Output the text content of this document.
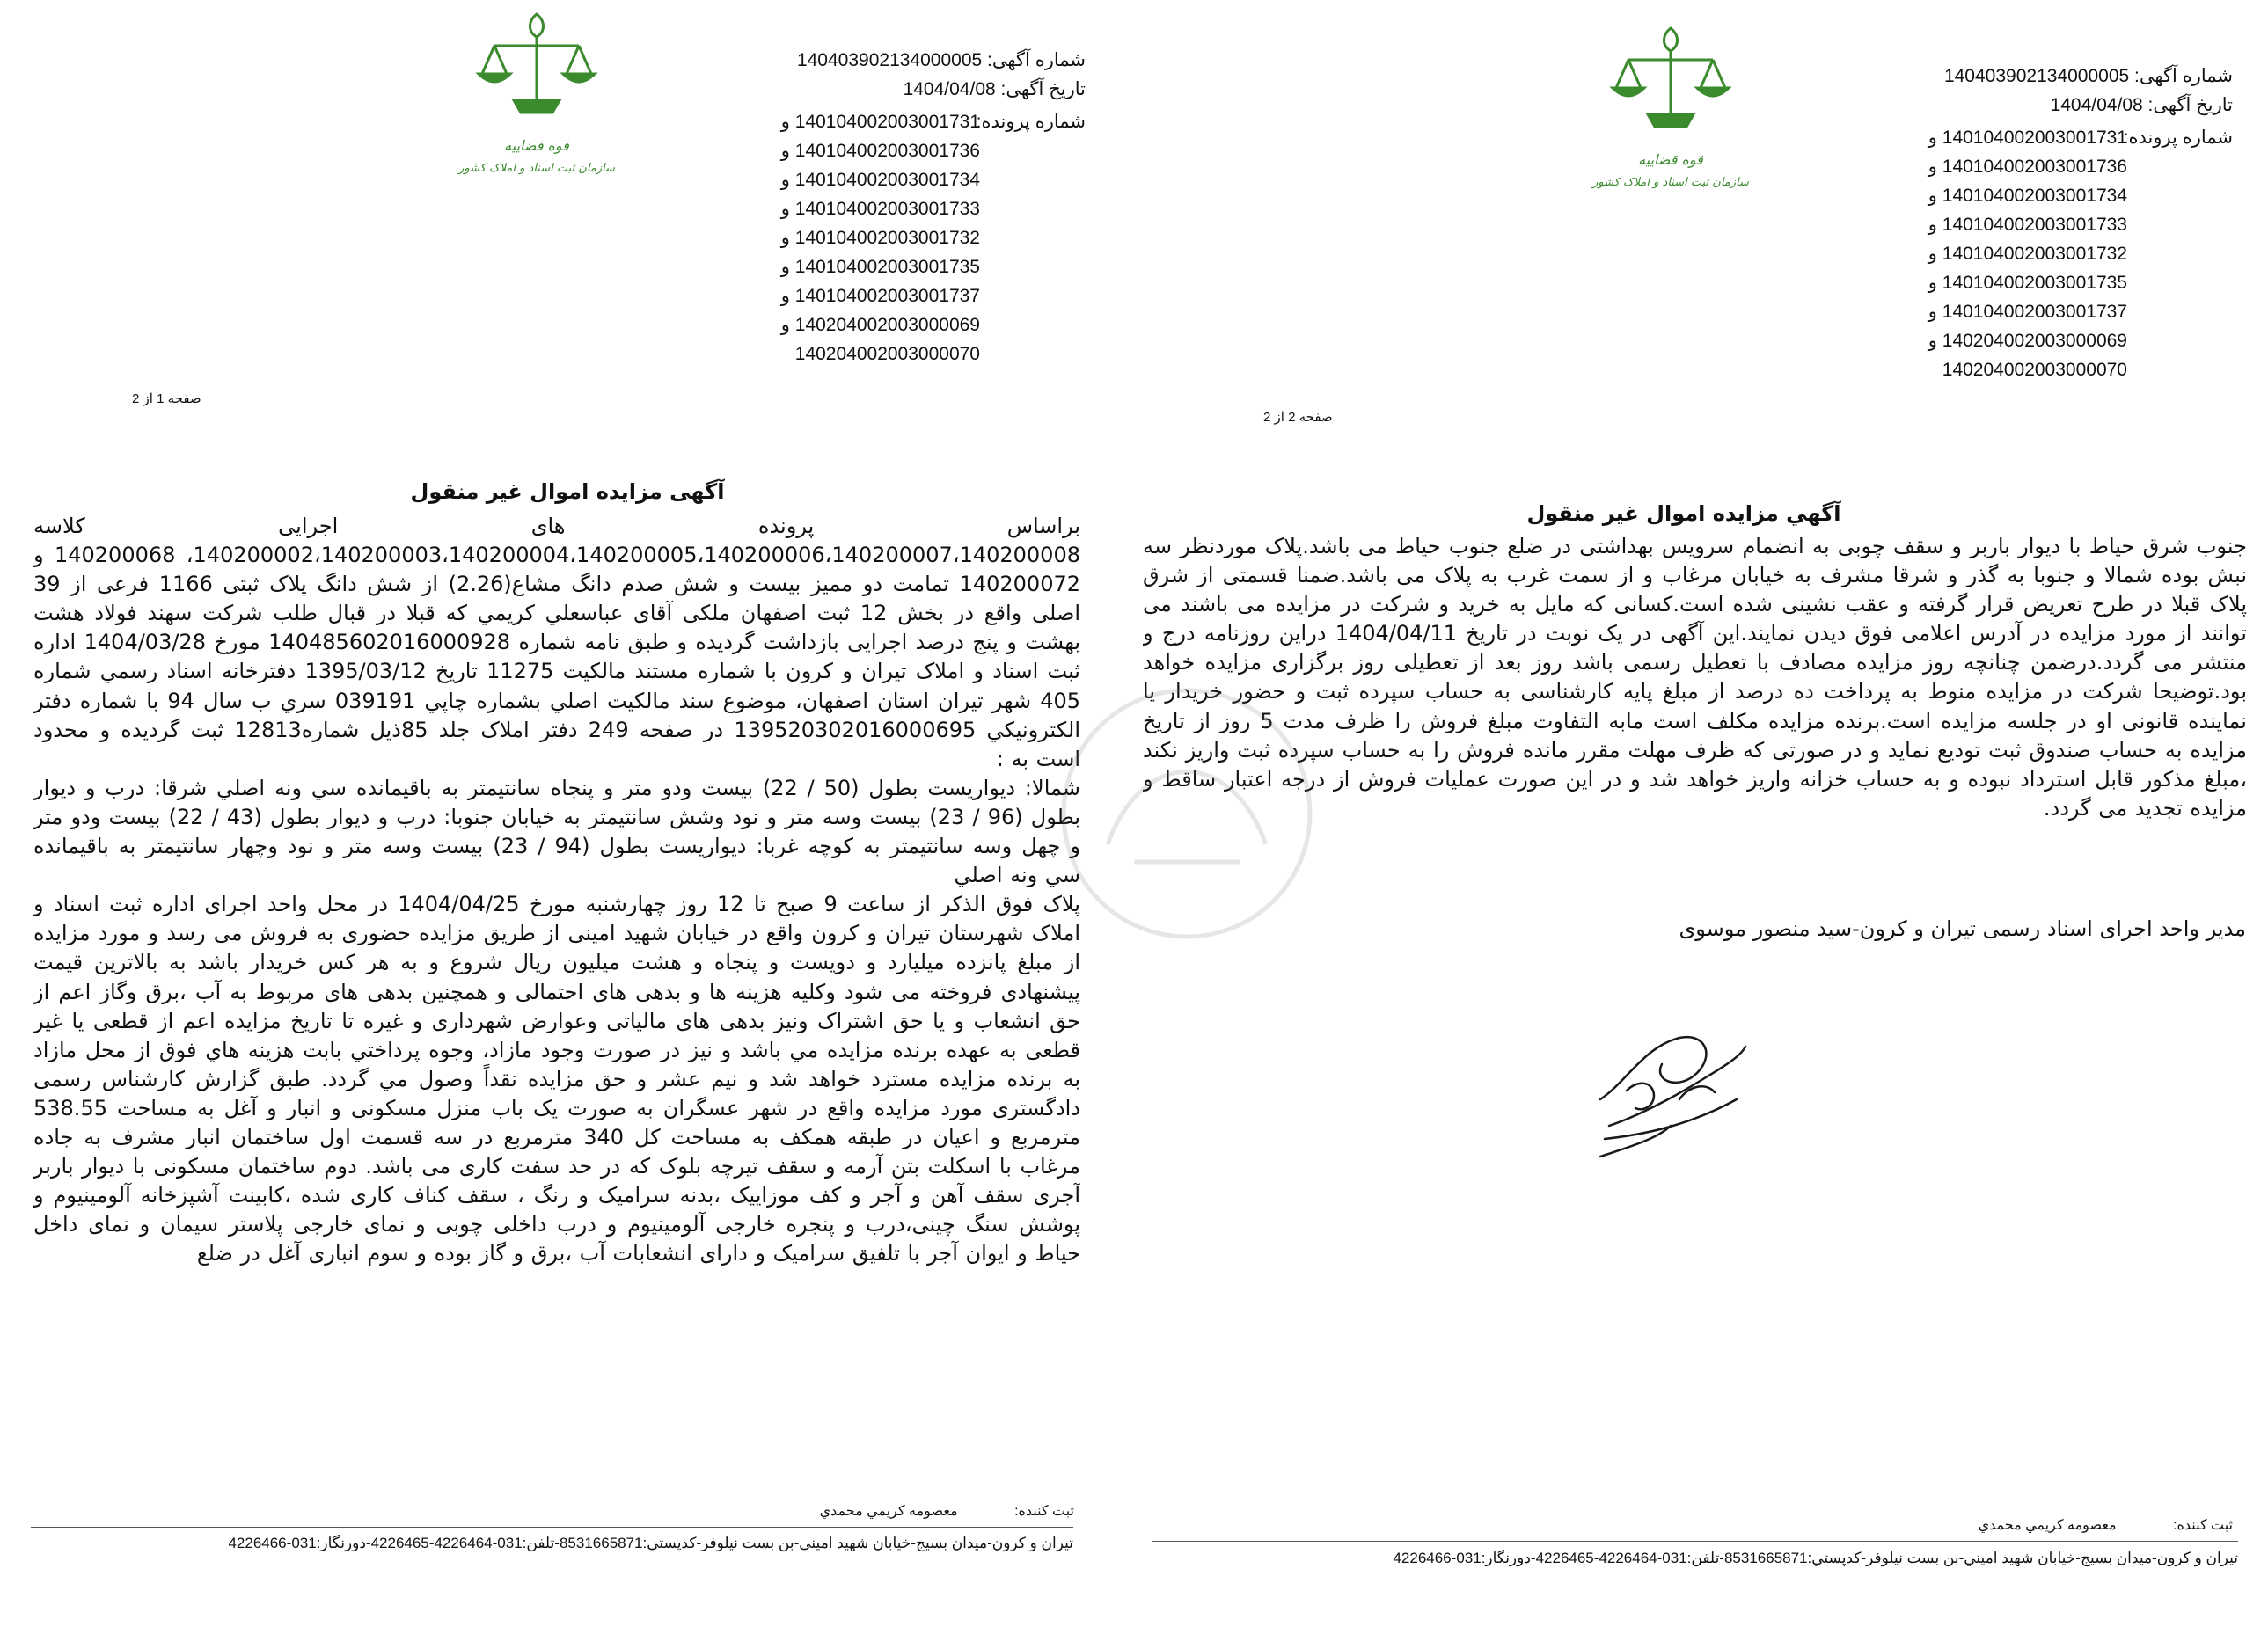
قوه قضاییه
سازمان ثبت اسناد و املاک کشور
شماره آگهی: 140403902134000005
تاریخ آگهی: 1404/04/08
شماره پرونده:
140104002003001731 و
140104002003001736 و
140104002003001734 و
140104002003001733 و
140104002003001732 و
140104002003001735 و
140104002003001737 و
140204002003000069 و
140204002003000070
صفحه 1 از 2
آگهی مزایده اموال غیر منقول

براساس پرونده های اجرایی کلاسه 140200002،140200003،140200004،140200005،140200006،140200007،140200008، 140200068 و 140200072 تمامت دو ممیز بیست و شش صدم دانگ مشاع(2.26) از شش دانگ پلاک ثبتی 1166 فرعی از 39 اصلی واقع در بخش 12 ثبت اصفهان ملکی آقای عباسعلي کريمي که قبلا در قبال طلب شرکت سهند فولاد هشت بهشت و پنج درصد اجرایی بازداشت گردیده و طبق نامه شماره 140485602016000928 مورخ 1404/03/28 اداره ثبت اسناد و املاک تیران و کرون با شماره مستند مالکیت 11275 تاریخ 1395/03/12 دفترخانه اسناد رسمي شماره 405 شهر تيران استان اصفهان، موضوع سند مالکيت اصلي بشماره چاپي 039191 سري ب سال 94 با شماره دفتر الکترونيکي 139520302016000695 در صفحه 249 دفتر املاک جلد 85ذيل شماره12813 ثبت گرديده و محدود است به :

شمالا: دیواریست بطول (50 / 22) بيست ودو متر و پنجاه سانتيمتر به باقيمانده سي ونه اصلي شرقا: درب و دیوار بطول (96 / 23) بيست وسه متر و نود وشش سانتيمتر به خیابان جنوبا: درب و دیوار بطول (43 / 22) بيست ودو متر و چهل وسه سانتيمتر به کوچه غربا: دیواریست بطول (94 / 23) بيست وسه متر و نود وچهار سانتيمتر به باقيمانده سي ونه اصلي

پلاک فوق الذکر از ساعت 9 صبح تا 12 روز چهارشنبه مورخ 1404/04/25 در محل واحد اجرای اداره ثبت اسناد و املاک شهرستان تیران و کرون واقع در خیابان شهید امینی از طریق مزایده حضوری به فروش می رسد و مورد مزایده از مبلغ پانزده میلیارد و دویست و پنجاه و هشت میلیون ریال شروع و به هر کس خریدار باشد به بالاترین قیمت پیشنهادی فروخته می شود وکلیه هزینه ها و بدهی های احتمالی و همچنین بدهی های مربوط به آب ،برق وگاز اعم از حق انشعاب و یا حق اشتراک ونیز بدهی های مالیاتی وعوارض شهرداری و غیره تا تاریخ مزایده اعم از قطعی یا غیر قطعی به عهده برنده مزایده مي باشد و نیز در صورت وجود مازاد، وجوه پرداختي بابت هزینه هاي فوق از محل مازاد به برنده مزایده مسترد خواهد شد و نیم عشر و حق مزایده نقداً وصول مي گردد. طبق گزارش کارشناس رسمی دادگستری مورد مزایده واقع در شهر عسگران به صورت یک باب منزل مسکونی و انبار و آغل به مساحت 538.55 مترمربع و اعیان در طبقه همکف به مساحت کل 340 مترمربع در سه قسمت اول ساختمان انبار مشرف به جاده مرغاب با اسکلت بتن آرمه و سقف تیرچه بلوک که در حد سفت کاری می باشد. دوم ساختمان مسکونی با دیوار باربر آجری سقف آهن و آجر و کف موزاییک ،بدنه سرامیک و رنگ ، سقف کناف کاری شده ،کابینت آشپزخانه آلومینیوم و پوشش سنگ چینی،درب و پنجره خارجی آلومینیوم و درب داخلی چوبی و نمای خارجی پلاستر سیمان و نمای داخل حیاط و ایوان آجر با تلفیق سرامیک و دارای انشعابات آب ،برق و گاز بوده و سوم انباری آغل در ضلع

ثبت کننده: معصومه کريمي محمدي
تیران و کرون-میدان بسیج-خیابان شهید امیني-بن بست نیلوفر-کدپستي:8531665871-تلفن:031-4226464-4226465-دورنگار:031-4226466
قوه قضاییه
سازمان ثبت اسناد و املاک کشور
شماره آگهی: 140403902134000005
تاریخ آگهی: 1404/04/08
شماره پرونده:
140104002003001731 و
140104002003001736 و
140104002003001734 و
140104002003001733 و
140104002003001732 و
140104002003001735 و
140104002003001737 و
140204002003000069 و
140204002003000070
صفحه 2 از 2
آگهي مزایده اموال غير منقول

جنوب شرق حیاط با دیوار باربر و سقف چوبی به انضمام سرویس بهداشتی در ضلع جنوب حیاط می باشد.پلاک موردنظر سه نبش بوده شمالا و جنوبا به گذر و شرقا مشرف به خیابان مرغاب و از سمت غرب به پلاک می باشد.ضمنا قسمتی از شرق پلاک قبلا در طرح تعریض قرار گرفته و عقب نشینی شده است.کسانی که مایل به خرید و شرکت در مزایده می باشند می توانند از مورد مزایده در آدرس اعلامی فوق دیدن نمایند.این آگهی در یک نوبت در تاریخ 1404/04/11 دراین روزنامه درج و منتشر می گردد.درضمن چنانچه روز مزایده مصادف با تعطیل رسمی باشد روز بعد از تعطیلی روز برگزاری مزایده خواهد بود.توضیحا شرکت در مزایده منوط به پرداخت ده درصد از مبلغ پایه کارشناسی به حساب سپرده ثبت و حضور خریدار یا نماینده قانونی او در جلسه مزایده است.برنده مزایده مکلف است مابه التفاوت مبلغ فروش را ظرف مدت 5 روز از تاریخ مزایده به حساب صندوق ثبت تودیع نماید و در صورتی که ظرف مهلت مقرر مانده فروش را به حساب سپرده ثبت واریز نکند ،مبلغ مذکور قابل استرداد نبوده و به حساب خزانه واریز خواهد شد و در این صورت عملیات فروش از درجه اعتبار ساقط و مزایده تجدید می گردد.

مدیر واحد اجرای اسناد رسمی تیران و کرون-سید منصور موسوی
ثبت کننده: معصومه کريمي محمدي
تیران و کرون-میدان بسیج-خیابان شهید امیني-بن بست نیلوفر-کدپستي:8531665871-تلفن:031-4226464-4226465-دورنگار:031-4226466
